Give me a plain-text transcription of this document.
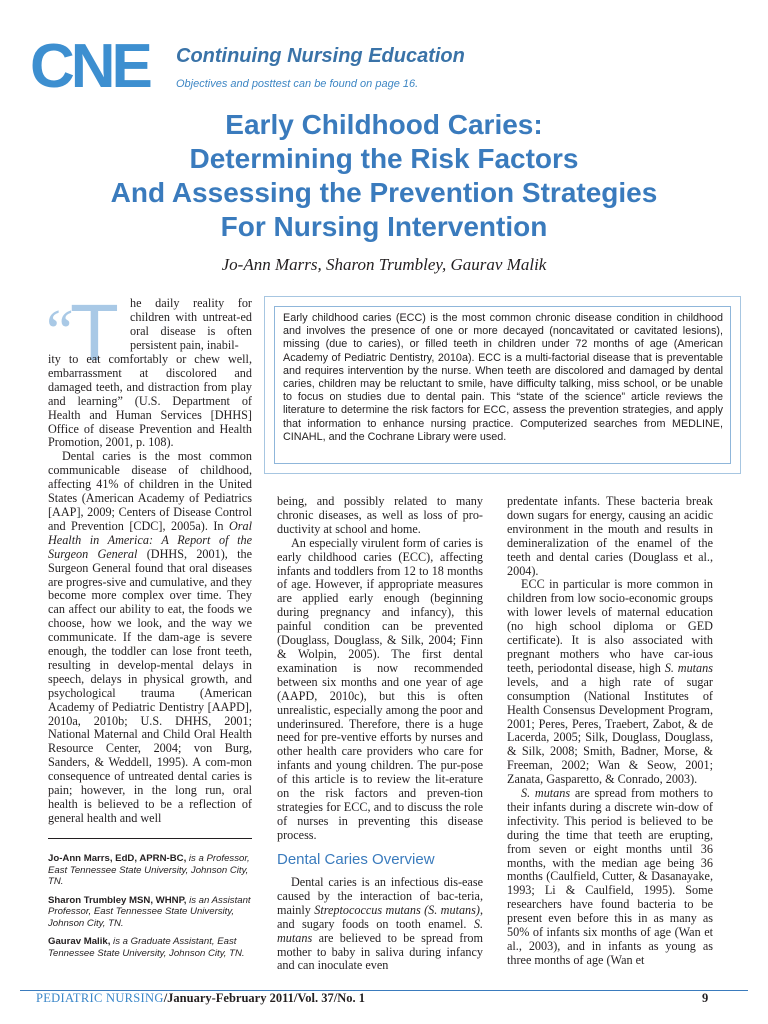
CNE Continuing Nursing Education
Objectives and posttest can be found on page 16.
Early Childhood Caries:
Determining the Risk Factors
And Assessing the Prevention Strategies
For Nursing Intervention
Jo-Ann Marrs, Sharon Trumbley, Gaurav Malik
“
T he daily reality for children with untreat-ed oral disease is often persistent pain, inabil-

ity to eat comfortably or chew well, embarrassment at discolored and damaged teeth, and distraction from play and learning” (U.S. Department of Health and Human Services [DHHS] Office of disease Prevention and Health Promotion, 2001, p. 108).

Dental caries is the most common communicable disease of childhood, affecting 41% of children in the United States (American Academy of Pediatrics [AAP], 2009; Centers of Disease Control and Prevention [CDC], 2005a). In Oral Health in America: A Report of the Surgeon General (DHHS, 2001), the Surgeon General found that oral diseases are progres-sive and cumulative, and they become more complex over time. They can affect our ability to eat, the foods we choose, how we look, and the way we communicate. If the dam-age is severe enough, the toddler can lose front teeth, resulting in develop-mental delays in speech, delays in physical growth, and psychological trauma (American Academy of Pediatric Dentistry [AAPD], 2010a, 2010b; U.S. DHHS, 2001; National Maternal and Child Oral Health Resource Center, 2004; von Burg, Sanders, & Weddell, 1995). A com-mon consequence of untreated dental caries is pain; however, in the long run, oral health is believed to be a reflection of general health and well

Early childhood caries (ECC) is the most common chronic disease condition in childhood and involves the presence of one or more decayed (noncavitated or cavitated lesions), missing (due to caries), or filled teeth in children under 72 months of age (American Academy of Pediatric Dentistry, 2010a). ECC is a multi-factorial disease that is preventable and requires intervention by the nurse. When teeth are discolored and damaged by dental caries, children may be reluctant to smile, have difficulty talking, miss school, or be unable to focus on studies due to dental pain. This “state of the science” article reviews the literature to determine the risk factors for ECC, assess the prevention strategies, and apply that information to enhance nursing practice. Computerized searches from MEDLINE, CINAHL, and the Cochrane Library were used.

being, and possibly related to many chronic diseases, as well as loss of pro-ductivity at school and home.

An especially virulent form of caries is early childhood caries (ECC), affecting infants and toddlers from 12 to 18 months of age. However, if appropriate measures are applied early enough (beginning during pregnancy and infancy), this painful condition can be prevented (Douglass, Douglass, & Silk, 2004; Finn & Wolpin, 2005). The first dental examination is now recommended between six months and one year of age (AAPD, 2010c), but this is often unrealistic, especially among the poor and underinsured. Therefore, there is a huge need for pre-ventive efforts by nurses and other health care providers who care for infants and young children. The pur-pose of this article is to review the lit-erature on the risk factors and preven-tion strategies for ECC, and to discuss the role of nurses in preventing this disease process.

Dental Caries Overview

Dental caries is an infectious dis-ease caused by the interaction of bac-teria, mainly Streptococcus mutans (S. mutans), and sugary foods on tooth enamel. S. mutans are believed to be spread from mother to baby in saliva during infancy and can inoculate even

predentate infants. These bacteria break down sugars for energy, causing an acidic environment in the mouth and results in demineralization of the enamel of the teeth and dental caries (Douglass et al., 2004).

ECC in particular is more common in children from low socio-economic groups with lower levels of maternal education (no high school diploma or GED certificate). It is also associated with pregnant mothers who have car-ious teeth, periodontal disease, high S. mutans levels, and a high rate of sugar consumption (National Institutes of Health Consensus Development Program, 2001; Peres, Peres, Traebert, Zabot, & de Lacerda, 2005; Silk, Douglass, Douglass, & Silk, 2008; Smith, Badner, Morse, & Freeman, 2002; Wan & Seow, 2001; Zanata, Gasparetto, & Conrado, 2003).

S. mutans are spread from mothers to their infants during a discrete win-dow of infectivity. This period is believed to be during the time that teeth are erupting, from seven or eight months until 36 months, with the median age being 36 months (Caulfield, Cutter, & Dasanayake, 1993; Li & Caulfield, 1995). Some researchers have found bacteria to be present even before this in as many as 50% of infants six months of age (Wan et al., 2003), and in infants as young as three months of age (Wan et

Jo-Ann Marrs, EdD, APRN-BC, is a Professor, East Tennessee State University, Johnson City, TN.

Sharon Trumbley MSN, WHNP, is an Assistant Professor, East Tennessee State University, Johnson City, TN.

Gaurav Malik, is a Graduate Assistant, East Tennessee State University, Johnson City, TN.

PEDIATRIC NURSING/January-February 2011/Vol. 37/No. 1	9
